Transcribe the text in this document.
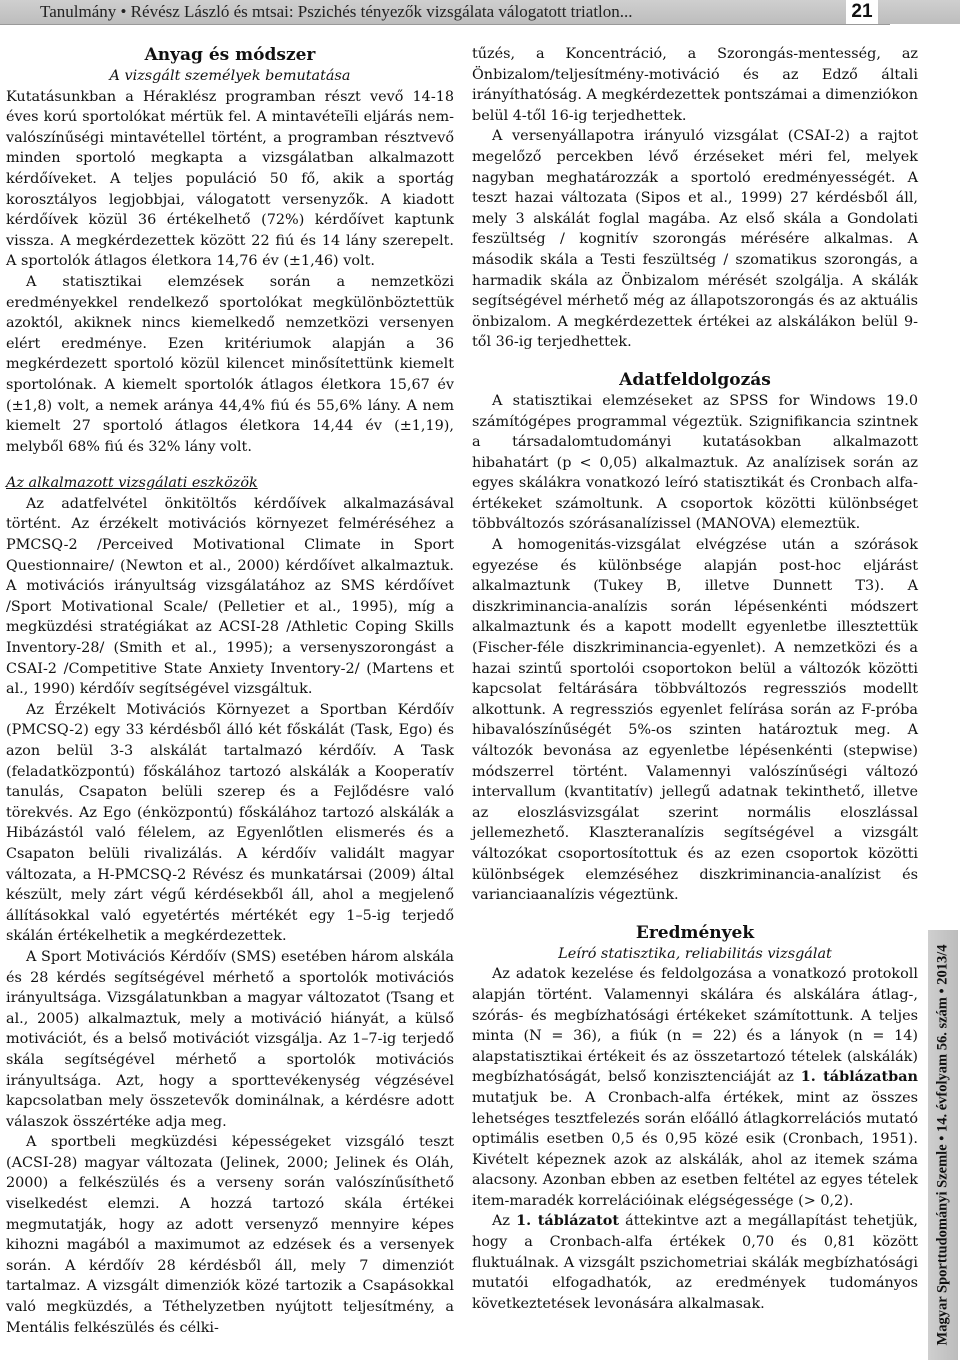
Tanulmány • Révész László és mtsai: Pszichés tényezők vizsgálata válogatott triatlon...	21

Anyag és módszer

A vizsgált személyek bemutatása

Kutatásunkban a Héraklész programban részt vevő 14-18 éves korú sportolókat mértük fel. A mintavéteĭli eljárás nem-valószínűségi mintavétellel történt, a programban résztvevő minden sportoló megkapta a vizsgálatban alkalmazott kérdőíveket. A teljes populáció 50 fő, akik a sportág korosztályos legjobbjai, válogatott versenyzők. A kiadott kérdőívek közül 36 értékelhető (72%) kérdőívet kaptunk vissza. A megkérdezettek között 22 fiú és 14 lány szerepelt. A sportolók átlagos életkora 14,76 év (±1,46) volt.

A statisztikai elemzések során a nemzetközi eredményekkel rendelkező sportolókat megkülönböztettük azoktól, akiknek nincs kiemelkedő nemzetközi versenyen elért eredménye. Ezen kritériumok alapján a 36 megkérdezett sportoló közül kilencet minősítettünk kiemelt sportolónak. A kiemelt sportolók átlagos életkora 15,67 év (±1,8) volt, a nemek aránya 44,4% fiú és 55,6% lány. A nem kiemelt 27 sportoló átlagos életkora 14,44 év (±1,19), melyből 68% fiú és 32% lány volt.

Az alkalmazott vizsgálati eszközök

Az adatfelvétel önkitöltős kérdőívek alkalmazásával történt. Az érzékelt motivációs környezet felméréséhez a PMCSQ-2 /Perceived Motivational Climate in Sport Questionnaire/ (Newton et al., 2000) kérdőívet alkalmaztuk. A motivációs irányultság vizsgálatához az SMS kérdőívet /Sport Motivational Scale/ (Pelletier et al., 1995), míg a megküzdési stratégiákat az ACSI-28 /Athletic Coping Skills Inventory-28/ (Smith et al., 1995); a versenyszorongást a CSAI-2 /Competitive State Anxiety Inventory-2/ (Martens et al., 1990) kérdőív segítségével vizsgáltuk.

Az Érzékelt Motivációs Környezet a Sportban Kérdőív (PMCSQ-2) egy 33 kérdésből álló két főskálát (Task, Ego) és azon belül 3-3 alskálát tartalmazó kérdőív. A Task (feladatközpontú) főskálához tartozó alskálák a Kooperatív tanulás, Csapaton belüli szerep és a Fejlődésre való törekvés. Az Ego (énközpontú) főskálához tartozó alskálák a Hibázástól való félelem, az Egyenlőtlen elismerés és a Csapaton belüli rivalizálás. A kérdőív validált magyar változata, a H-PMCSQ-2 Révész és munkatársai (2009) által készült, mely zárt végű kérdésekből áll, ahol a megjelenő állításokkal való egyetértés mértékét egy 1–5-ig terjedő skálán értékelhetik a megkérdezettek.

A Sport Motivációs Kérdőív (SMS) esetében három alskála és 28 kérdés segítségével mérhető a sportolók motivációs irányultsága. Vizsgálatunkban a magyar változatot (Tsang et al., 2005) alkalmaztuk, mely a motiváció hiányát, a külső motivációt, és a belső motivációt vizsgálja. Az 1–7-ig terjedő skála segítségével mérhető a sportolók motivációs irányultsága. Azt, hogy a sporttevékenység végzésével kapcsolatban mely összetevők dominálnak, a kérdésre adott válaszok összértéke adja meg.

A sportbeli megküzdési képességeket vizsgáló teszt (ACSI-28) magyar változata (Jelinek, 2000; Jelinek és Oláh, 2000) a felkészülés és a verseny során valószínűsíthető viselkedést elemzi. A hozzá tartozó skála értékei megmutatják, hogy az adott versenyző mennyire képes kihozni magából a maximumot az edzések és a versenyek során. A kérdőív 28 kérdésből áll, mely 7 dimenziót tartalmaz. A vizsgált dimenziók közé tartozik a Csapásokkal való megküzdés, a Téthelyzetben nyújtott teljesítmény, a Mentális felkészülés és célki-

tűzés, a Koncentráció, a Szorongás-mentesség, az Önbizalom/teljesítmény-motiváció és az Edző általi irányíthatóság. A megkérdezettek pontszámai a dimenziókon belül 4-től 16-ig terjedhettek.

A versenyállapotra irányuló vizsgálat (CSAI-2) a rajtot megelőző percekben lévő érzéseket méri fel, melyek nagyban meghatározzák a sportoló eredményességét. A teszt hazai változata (Sipos et al., 1999) 27 kérdésből áll, mely 3 alskálát foglal magába. Az első skála a Gondolati feszültség / kognitív szorongás mérésére alkalmas. A második skála a Testi feszültség / szomatikus szorongás, a harmadik skála az Önbizalom mérését szolgálja. A skálák segítségével mérhető még az állapotszorongás és az aktuális önbizalom. A megkérdezettek értékei az alskálákon belül 9-től 36-ig terjedhettek.

Adatfeldolgozás

A statisztikai elemzéseket az SPSS for Windows 19.0 számítógépes programmal végeztük. Szignifikancia szintnek a társadalomtudományi kutatásokban alkalmazott hibahatárt (p < 0,05) alkalmaztuk. Az analízisek során az egyes skálákra vonatkozó leíró statisztikát és Cronbach alfa-értékeket számoltunk. A csoportok közötti különbséget többváltozós szórásanalízissel (MANOVA) elemeztük.

A homogenitás-vizsgálat elvégzése után a szórások egyezése és különbsége alapján post-hoc eljárást alkalmaztunk (Tukey B, illetve Dunnett T3). A diszkriminancia-analízis során lépésenkénti módszert alkalmaztunk és a kapott modellt egyenletbe illesztettük (Fischer-féle diszkriminancia-egyenlet). A nemzetközi és a hazai szintű sportolói csoportokon belül a változók közötti kapcsolat feltárására többváltozós regressziós modellt alkottunk. A regressziós egyenlet felírása során az F-próba hibavalószínűségét 5%-os szinten határoztuk meg. A változók bevonása az egyenletbe lépésenkénti (stepwise) módszerrel történt. Valamennyi valószínűségi változó intervallum (kvantitatív) jellegű adatnak tekinthető, illetve az eloszlásvizsgálat szerint normális eloszlással jellemezhető. Klaszteranalízis segítségével a vizsgált változókat csoportosítottuk és az ezen csoportok közötti különbségek elemzéséhez diszkriminancia-analízist és varianciaanalízis végeztünk.

Eredmények

Leíró statisztika, reliabilitás vizsgálat

Az adatok kezelése és feldolgozása a vonatkozó protokoll alapján történt. Valamennyi skálára és alskálára átlag-, szórás- és megbízhatósági értékeket számítottunk. A teljes minta (N = 36), a fiúk (n = 22) és a lányok (n = 14) alapstatisztikai értékeit és az összetartozó tételek (alskálák) megbízhatóságát, belső konzisztenciáját az 1. táblázatban mutatjuk be. A Cronbach-alfa értékek, mint az összes lehetséges tesztfelezés során előálló átlagkorrelációs mutató optimális esetben 0,5 és 0,95 közé esik (Cronbach, 1951). Kivételt képeznek azok az alskálák, ahol az itemek száma alacsony. Azonban ebben az esetben feltétel az egyes tételek item-maradék korrelációinak elégségessége (> 0,2).

Az 1. táblázatot áttekintve azt a megállapítást tehetjük, hogy a Cronbach-alfa értékek 0,70 és 0,81 között fluktuálnak. A vizsgált pszichometriai skálák megbízhatósági mutatói elfogadhatók, az eredmények tudományos következtetések levonására alkalmasak.	Magyar Sporttudományi Szemle • 14. évfolyam 56. szám • 2013/4
